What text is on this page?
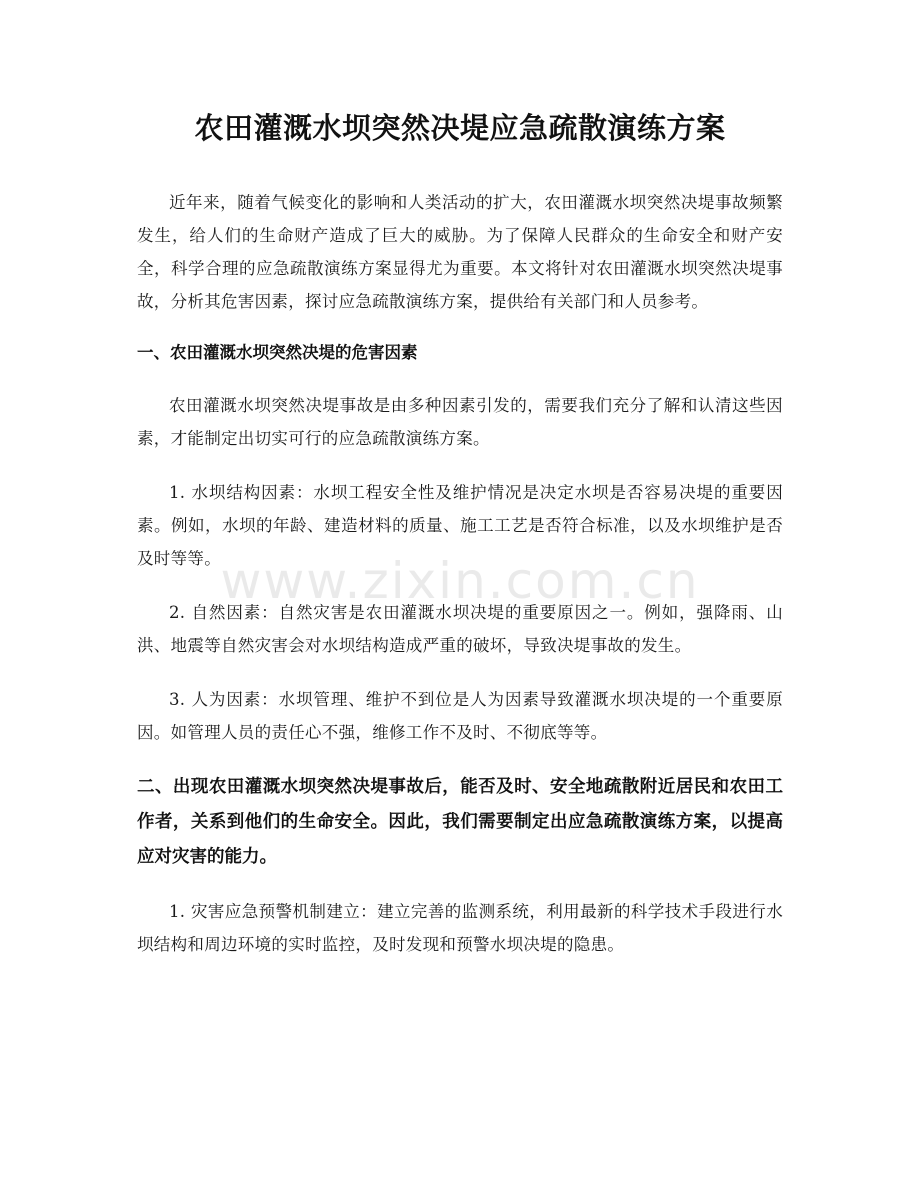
农田灌溉水坝突然决堤应急疏散演练方案

近年来，随着气候变化的影响和人类活动的扩大，农田灌溉水坝突然决堤事故频繁发生，给人们的生命财产造成了巨大的威胁。为了保障人民群众的生命安全和财产安全，科学合理的应急疏散演练方案显得尤为重要。本文将针对农田灌溉水坝突然决堤事故，分析其危害因素，探讨应急疏散演练方案，提供给有关部门和人员参考。

一、农田灌溉水坝突然决堤的危害因素

农田灌溉水坝突然决堤事故是由多种因素引发的，需要我们充分了解和认清这些因素，才能制定出切实可行的应急疏散演练方案。

1. 水坝结构因素：水坝工程安全性及维护情况是决定水坝是否容易决堤的重要因素。例如，水坝的年龄、建造材料的质量、施工工艺是否符合标准，以及水坝维护是否及时等等。

2. 自然因素：自然灾害是农田灌溉水坝决堤的重要原因之一。例如，强降雨、山洪、地震等自然灾害会对水坝结构造成严重的破坏，导致决堤事故的发生。

3. 人为因素：水坝管理、维护不到位是人为因素导致灌溉水坝决堤的一个重要原因。如管理人员的责任心不强，维修工作不及时、不彻底等等。

二、出现农田灌溉水坝突然决堤事故后，能否及时、安全地疏散附近居民和农田工作者，关系到他们的生命安全。因此，我们需要制定出应急疏散演练方案，以提高应对灾害的能力。

1. 灾害应急预警机制建立：建立完善的监测系统，利用最新的科学技术手段进行水坝结构和周边环境的实时监控，及时发现和预警水坝决堤的隐患。

www.zixin.com.cn
